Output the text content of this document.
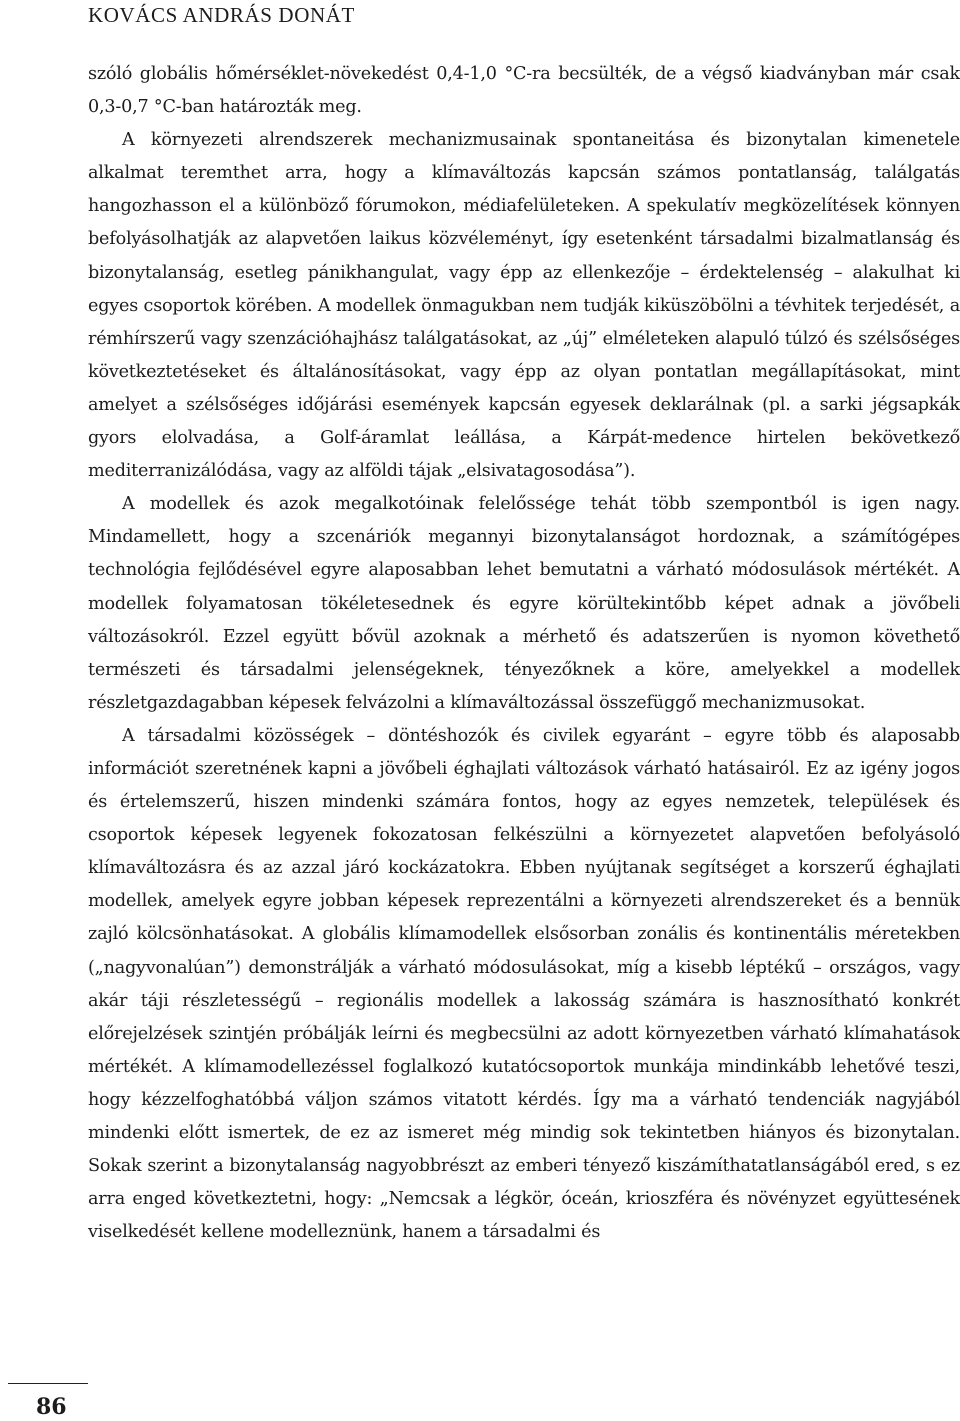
KOVÁCS ANDRÁS DONÁT

szóló globális hőmérséklet-növekedést 0,4-1,0 °C-ra becsülték, de a végső kiadványban már csak 0,3-0,7 °C-ban határozták meg.

A környezeti alrendszerek mechanizmusainak spontaneitása és bizonytalan kimenetele alkalmat teremthet arra, hogy a klímaváltozás kapcsán számos pontatlanság, találgatás hangozhasson el a különböző fórumokon, médiafelületeken. A spekulatív megközelítések könnyen befolyásolhatják az alapvetően laikus közvéleményt, így esetenként társadalmi bizalmatlanság és bizonytalanság, esetleg pánikhangulat, vagy épp az ellenkezője – érdektelenség – alakulhat ki egyes csoportok körében. A modellek önmagukban nem tudják kiküszöbölni a tévhitek terjedését, a rémhírszerű vagy szenzációhajhász találgatásokat, az „új” elméleteken alapuló túlzó és szélsőséges következtetéseket és általánosításokat, vagy épp az olyan pontatlan megállapításokat, mint amelyet a szélsőséges időjárási események kapcsán egyesek deklarálnak (pl. a sarki jégsapkák gyors elolvadása, a Golf-áramlat leállása, a Kárpát-medence hirtelen bekövetkező mediterranizálódása, vagy az alföldi tájak „elsivatagosodása”).

A modellek és azok megalkotóinak felelőssége tehát több szempontból is igen nagy. Mindamellett, hogy a szcenáriók megannyi bizonytalanságot hordoznak, a számítógépes technológia fejlődésével egyre alaposabban lehet bemutatni a várható módosulások mértékét. A modellek folyamatosan tökéletesednek és egyre körültekintőbb képet adnak a jövőbeli változásokról. Ezzel együtt bővül azoknak a mérhető és adatszerűen is nyomon követhető természeti és társadalmi jelenségeknek, tényezőknek a köre, amelyekkel a modellek részletgazdagabban képesek felvázolni a klímaváltozással összefüggő mechanizmusokat.

A társadalmi közösségek – döntéshozók és civilek egyaránt – egyre több és alaposabb információt szeretnének kapni a jövőbeli éghajlati változások várható hatásairól. Ez az igény jogos és értelemszerű, hiszen mindenki számára fontos, hogy az egyes nemzetek, települések és csoportok képesek legyenek fokozatosan felkészülni a környezetet alapvetően befolyásoló klímaváltozásra és az azzal járó kockázatokra. Ebben nyújtanak segítséget a korszerű éghajlati modellek, amelyek egyre jobban képesek reprezentálni a környezeti alrendszereket és a bennük zajló kölcsönhatásokat. A globális klímamodellek elsősorban zonális és kontinentális méretekben („nagyvonalúan”) demonstrálják a várható módosulásokat, míg a kisebb léptékű – országos, vagy akár táji részletességű – regionális modellek a lakosság számára is hasznosítható konkrét előrejelzések szintjén próbálják leírni és megbecsülni az adott környezetben várható klímahatások mértékét. A klímamodellezéssel foglalkozó kutatócsoportok munkája mindinkább lehetővé teszi, hogy kézzelfoghatóbbá váljon számos vitatott kérdés. Így ma a várható tendenciák nagyjából mindenki előtt ismertek, de ez az ismeret még mindig sok tekintetben hiányos és bizonytalan. Sokak szerint a bizonytalanság nagyobbrészt az emberi tényező kiszámíthatatlanságából ered, s ez arra enged következtetni, hogy: „Nemcsak a légkör, óceán, krioszféra és növényzet együttesének viselkedését kellene modelleznünk, hanem a társadalmi és

86
